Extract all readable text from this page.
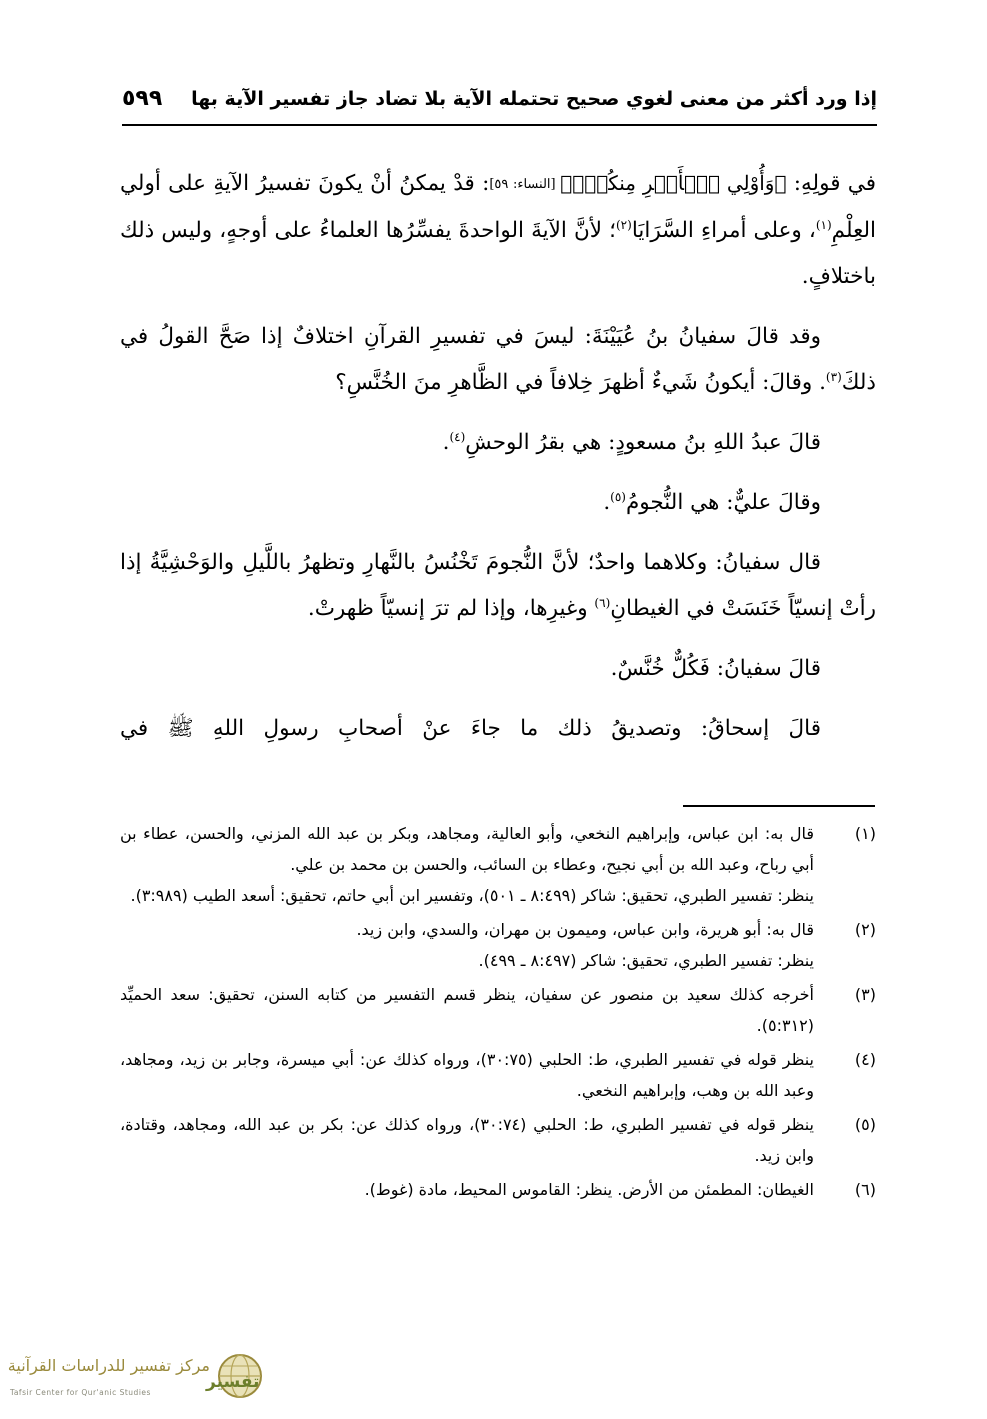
إذا ورد أكثر من معنى لغوي صحيح تحتمله الآية بلا تضاد جاز تفسير الآية بها
٥٩٩

في قولِهِ: ﴿وَأُوْلِي ٱلۡأَمۡرِ مِنكُمۡۖ﴾ [النساء: ٥٩]: قدْ يمكنُ أنْ يكونَ تفسيرُ الآيةِ على أولي العِلْمِ$^{(١)}$، وعلى أمراءِ السَّرَايَا$^{(٢)}$؛ لأنَّ الآيةَ الواحدةَ يفسِّرُها العلماءُ على أوجهٍ، وليس ذلك باختلافٍ.

وقد قالَ سفيانُ بنُ عُيَيْنَةَ: ليسَ في تفسيرِ القرآنِ اختلافٌ إذا صَحَّ القولُ في ذلكَ$^{(٣)}$. وقالَ: أيكونُ شَيءٌ أظهرَ خِلافاً في الظَّاهرِ منَ الخُنَّسِ؟

قالَ عبدُ اللهِ بنُ مسعودٍ: هي بقرُ الوحشِ$^{(٤)}$.

وقالَ عليٌّ: هي النُّجومُ$^{(٥)}$.

قال سفيانُ: وكلاهما واحدٌ؛ لأنَّ النُّجومَ تَخْنُسُ بالنَّهارِ وتظهرُ باللَّيلِ والوَحْشِيَّةُ إذا رأتْ إنسيّاً خَنَسَتْ في الغيطانِ$^{(٦)}$ وغيرِها، وإذا لم ترَ إنسيّاً ظهرتْ.

قالَ سفيانُ: فَكُلٌّ خُنَّسٌ.

قالَ إسحاقُ: وتصديقُ ذلك ما جاءَ عنْ أصحابِ رسولِ اللهِ ﷺ في

(١)
قال به: ابن عباس، وإبراهيم النخعي، وأبو العالية، ومجاهد، وبكر بن عبد الله المزني، والحسن، عطاء بن أبي رباح، وعبد الله بن أبي نجيح، وعطاء بن السائب، والحسن بن محمد بن علي.
ينظر: تفسير الطبري، تحقيق: شاكر (٨:٤٩٩ ـ ٥٠١)، وتفسير ابن أبي حاتم، تحقيق: أسعد الطيب (٣:٩٨٩).
(٢)
قال به: أبو هريرة، وابن عباس، وميمون بن مهران، والسدي، وابن زيد.
ينظر: تفسير الطبري، تحقيق: شاكر (٨:٤٩٧ ـ ٤٩٩).
(٣)
أخرجه كذلك سعيد بن منصور عن سفيان، ينظر قسم التفسير من كتابه السنن، تحقيق: سعد الحميِّد (٥:٣١٢).
(٤)
ينظر قوله في تفسير الطبري، ط: الحلبي (٣٠:٧٥)، ورواه كذلك عن: أبي ميسرة، وجابر بن زيد، ومجاهد، وعبد الله بن وهب، وإبراهيم النخعي.
(٥)
ينظر قوله في تفسير الطبري، ط: الحلبي (٣٠:٧٤)، ورواه كذلك عن: بكر بن عبد الله، ومجاهد، وقتادة، وابن زيد.
(٦)
الغيطان: المطمئن من الأرض. ينظر: القاموس المحيط، مادة (غوط).
تفسير
مركز تفسير للدراسات القرآنية
Tafsir Center for Qur'anic Studies
